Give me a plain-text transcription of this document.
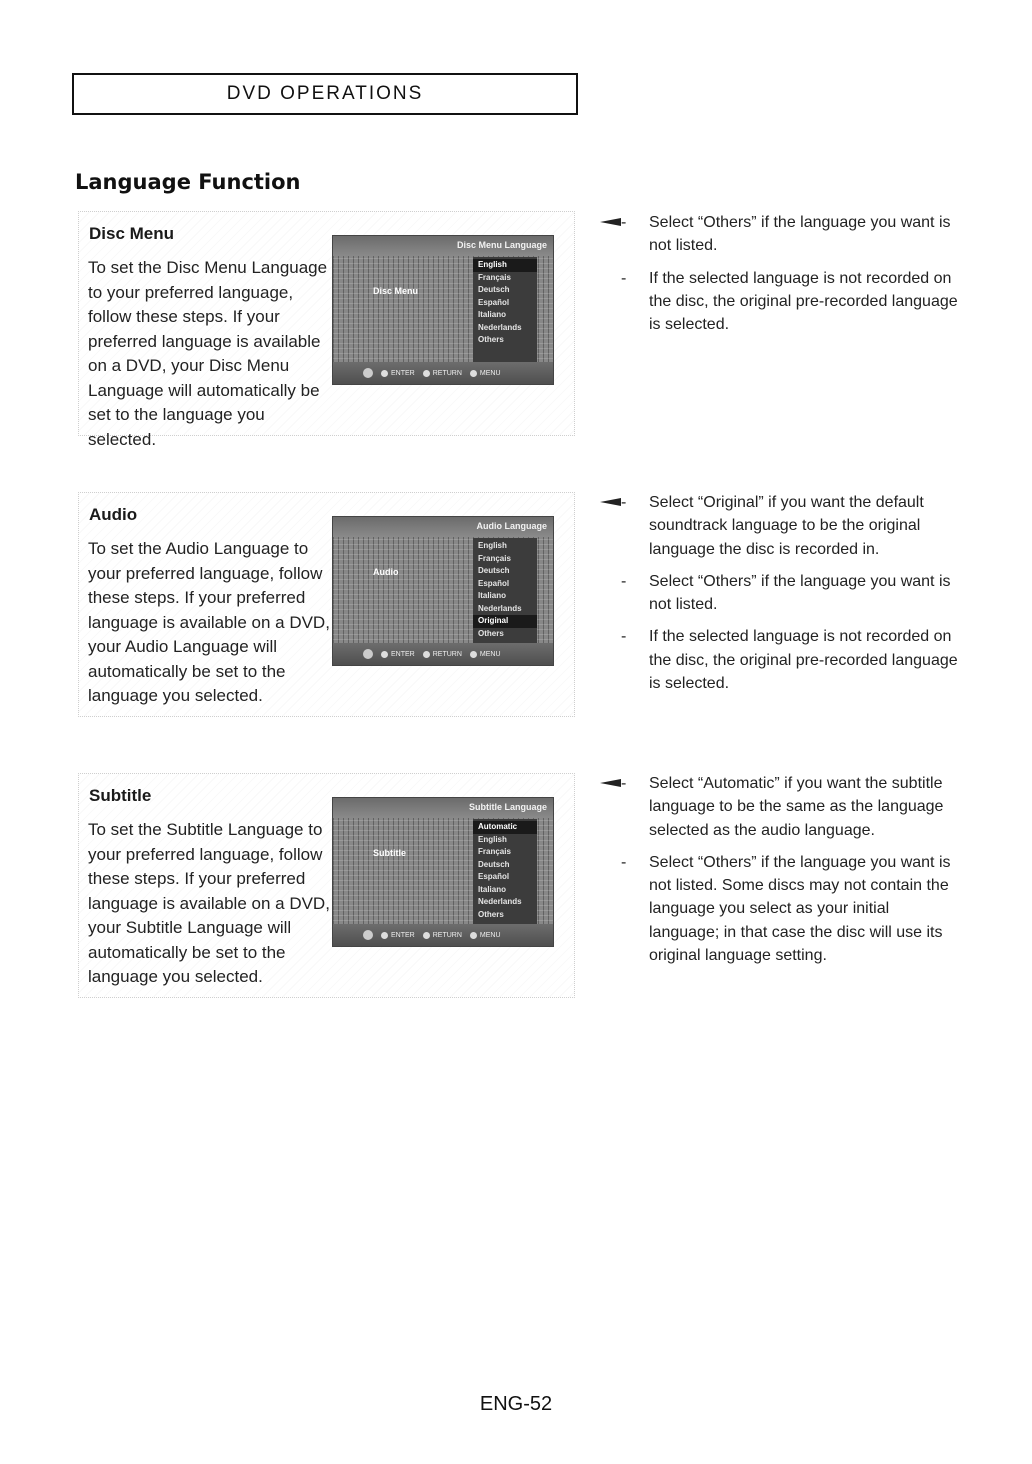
DVD OPERATIONS
Language Function
Disc Menu

To set the Disc Menu Language to your preferred language, follow these steps. If your preferred language is available on a DVD, your Disc Menu Language will automatically be set to the language you selected.

Disc Menu Language
Disc Menu
English
Français
Deutsch
Español
Italiano
Nederlands
Others
ENTER	RETURN	MENU
- Select “Others” if the language you want is not listed.
- If the selected language is not recorded on the disc, the original pre-recorded language is selected.
Audio

To set the Audio Language to your preferred language, follow these steps. If your preferred language is available on a DVD, your Audio Language will automatically be set to the language you selected.

Audio Language
Audio
English
Français
Deutsch
Español
Italiano
Nederlands
Original
Others
ENTER	RETURN	MENU
- Select “Original” if you want the default soundtrack language to be the original language the disc is recorded in.
- Select “Others” if the language you want is not listed.
- If the selected language is not recorded on the disc, the original pre-recorded language is selected.
Subtitle

To set the Subtitle Language to your preferred language, follow these steps. If your preferred language is available on a DVD, your Subtitle Language will automatically be set to the language you selected.

Subtitle Language
Subtitle
Automatic
English
Français
Deutsch
Español
Italiano
Nederlands
Others
ENTER	RETURN	MENU
- Select “Automatic” if you want the subtitle language to be the same as the language selected as the audio language.
- Select “Others” if the language you want is not listed. Some discs may not contain the language you select as your initial language; in that case the disc will use its original language setting.
ENG-52
